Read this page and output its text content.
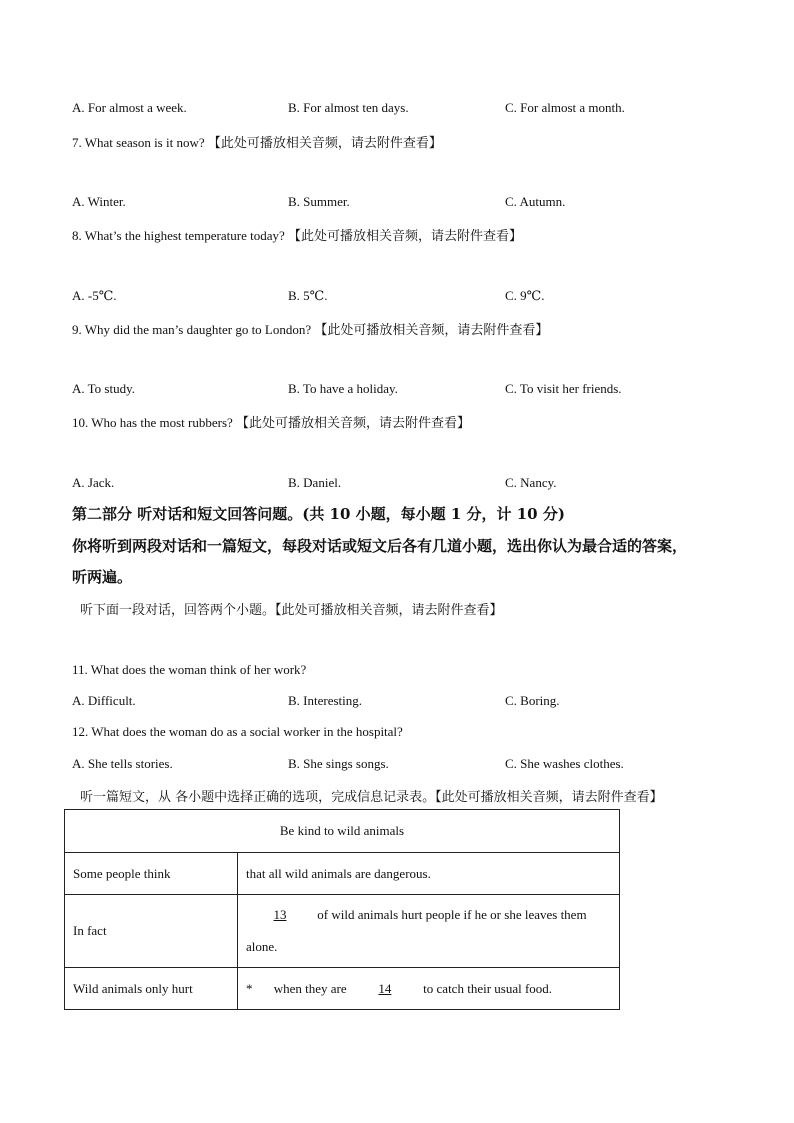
A. For almost a week.	B. For almost ten days.	C. For almost a month.
7. What season is it now? 【此处可播放相关音频，请去附件查看】
A. Winter.	B. Summer.	C. Autumn.
8. What’s the highest temperature today? 【此处可播放相关音频，请去附件查看】
A. -5℃.	B. 5℃.	C. 9℃.
9. Why did the man’s daughter go to London? 【此处可播放相关音频，请去附件查看】
A. To study.	B. To have a holiday.	C. To visit her friends.
10. Who has the most rubbers? 【此处可播放相关音频，请去附件查看】
A. Jack.	B. Daniel.	C. Nancy.
第二部分 听对话和短文回答问题。(共 10 小题，每小题 1 分，计 10 分)
你将听到两段对话和一篇短文，每段对话或短文后各有几道小题，选出你认为最合适的答案，
听两遍。
听下面一段对话，回答两个小题。【此处可播放相关音频，请去附件查看】
11. What does the woman think of her work?
A. Difficult.	B. Interesting.	C. Boring.
12. What does the woman do as a social worker in the hospital?
A. She tells stories.	B. She sings songs.	C. She washes clothes.
听一篇短文，从 各小题中选择正确的选项，完成信息记录表。【此处可播放相关音频，请去附件查看】
Be kind to wild animals	
Some people think	that all wild animals are dangerous.
In fact	13 of wild animals hurt people if he or she leaves them
alone.
Wild animals only hurt	* when they are 14 to catch their usual food.
